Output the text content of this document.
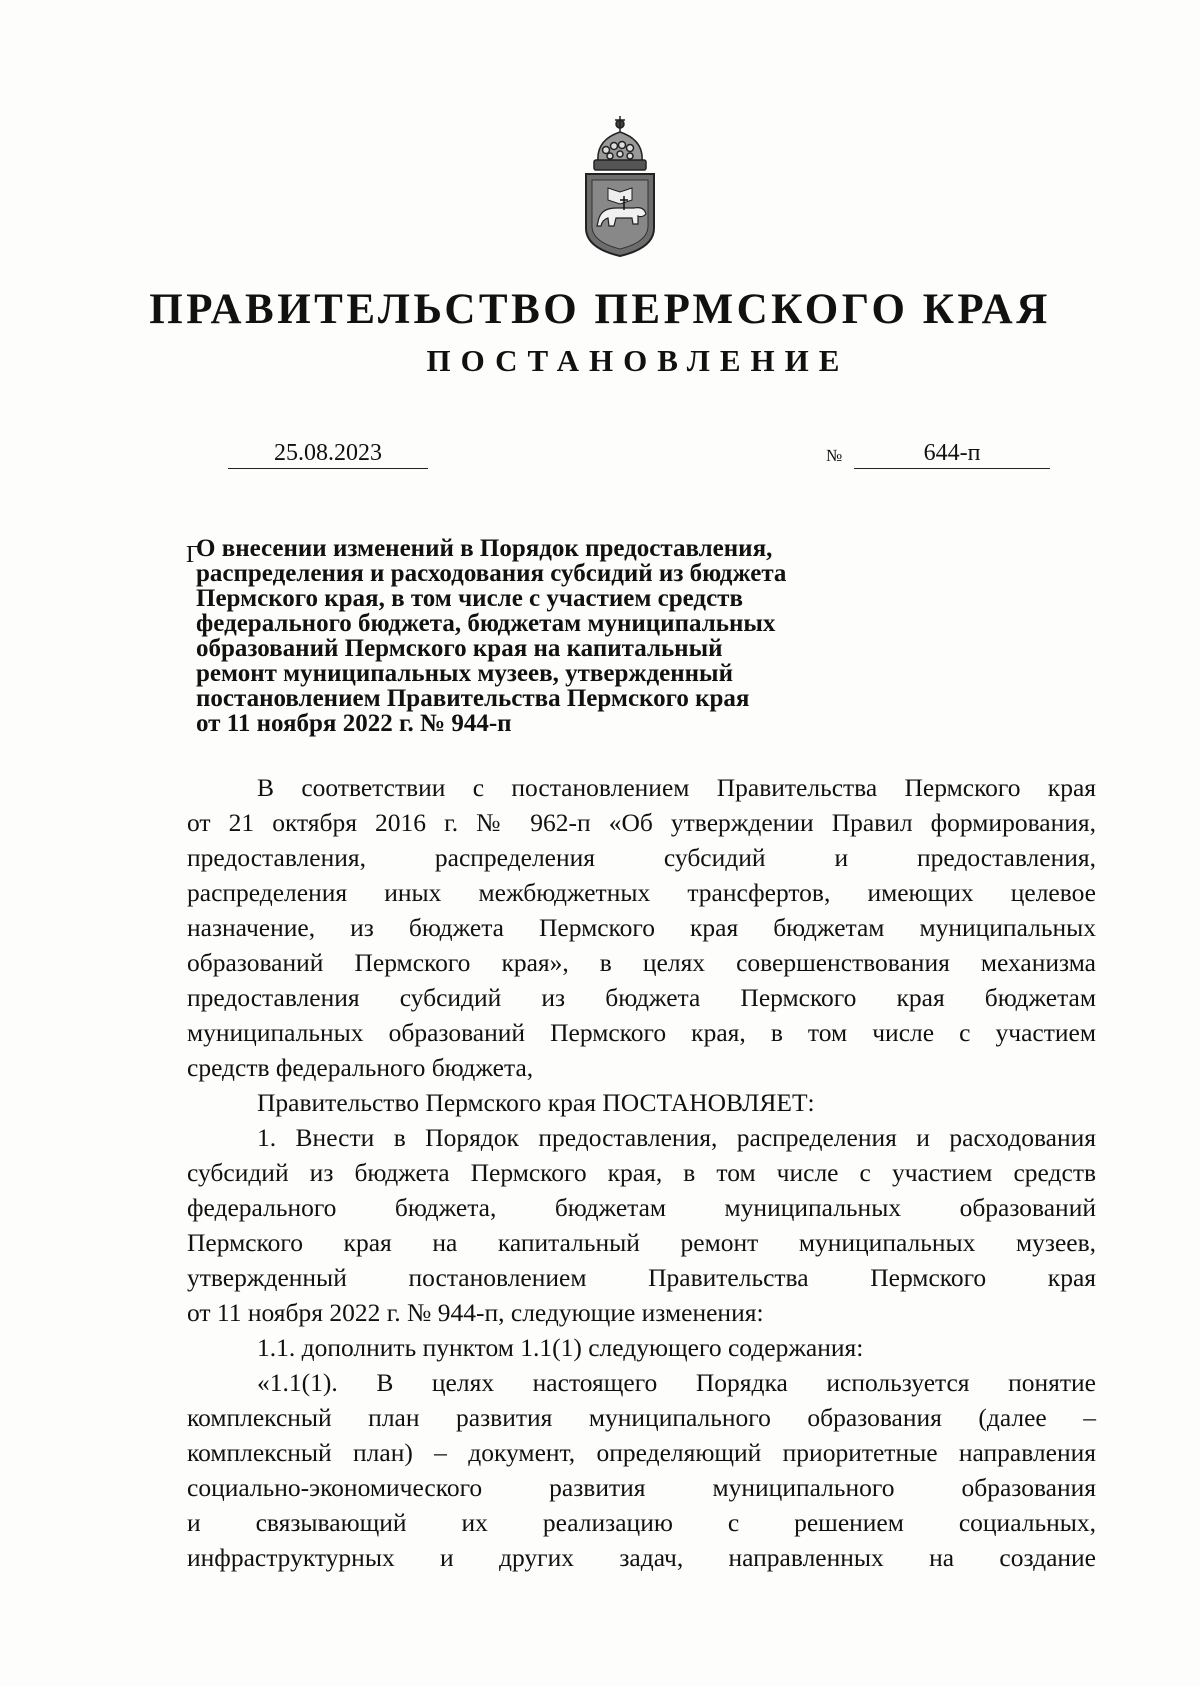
ПРАВИТЕЛЬСТВО ПЕРМСКОГО КРАЯ
ПОСТАНОВЛЕНИЕ
25.08.2023	№	644-п
Г
О внесении изменений в Порядок предоставления,
распределения и расходования субсидий из бюджета
Пермского края, в том числе с участием средств
федерального бюджета, бюджетам муниципальных
образований Пермского края на капитальный
ремонт муниципальных музеев, утвержденный
постановлением Правительства Пермского края
от 11 ноября 2022 г. № 944-п
В соответствии с постановлением Правительства Пермского края
от 21 октября 2016 г. № 962-п «Об утверждении Правил формирования,
предоставления, распределения субсидий и предоставления,
распределения иных межбюджетных трансфертов, имеющих целевое
назначение, из бюджета Пермского края бюджетам муниципальных
образований Пермского края», в целях совершенствования механизма
предоставления субсидий из бюджета Пермского края бюджетам
муниципальных образований Пермского края, в том числе с участием
средств федерального бюджета,
Правительство Пермского края ПОСТАНОВЛЯЕТ:
1. Внести в Порядок предоставления, распределения и расходования
субсидий из бюджета Пермского края, в том числе с участием средств
федерального бюджета, бюджетам муниципальных образований
Пермского края на капитальный ремонт муниципальных музеев,
утвержденный постановлением Правительства Пермского края
от 11 ноября 2022 г. № 944-п, следующие изменения:
1.1. дополнить пунктом 1.1(1) следующего содержания:
«1.1(1). В целях настоящего Порядка используется понятие
комплексный план развития муниципального образования (далее –
комплексный план) – документ, определяющий приоритетные направления
социально-экономического развития муниципального образования
и связывающий их реализацию с решением социальных,
инфраструктурных и других задач, направленных на создание
